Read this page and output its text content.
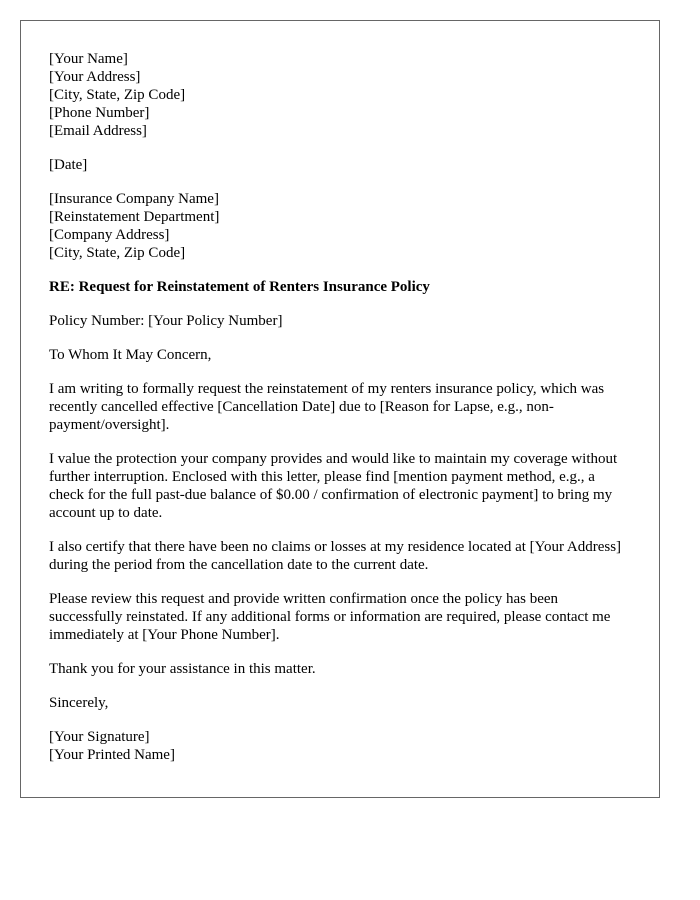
[Your Name]
[Your Address]
[City, State, Zip Code]
[Phone Number]
[Email Address]
[Date]
[Insurance Company Name]
[Reinstatement Department]
[Company Address]
[City, State, Zip Code]
RE: Request for Reinstatement of Renters Insurance Policy
Policy Number: [Your Policy Number]
To Whom It May Concern,
I am writing to formally request the reinstatement of my renters insurance policy, which was recently cancelled effective [Cancellation Date] due to [Reason for Lapse, e.g., non-payment/oversight].
I value the protection your company provides and would like to maintain my coverage without further interruption. Enclosed with this letter, please find [mention payment method, e.g., a check for the full past-due balance of $0.00 / confirmation of electronic payment] to bring my account up to date.
I also certify that there have been no claims or losses at my residence located at [Your Address] during the period from the cancellation date to the current date.
Please review this request and provide written confirmation once the policy has been successfully reinstated. If any additional forms or information are required, please contact me immediately at [Your Phone Number].
Thank you for your assistance in this matter.
Sincerely,
[Your Signature]
[Your Printed Name]
